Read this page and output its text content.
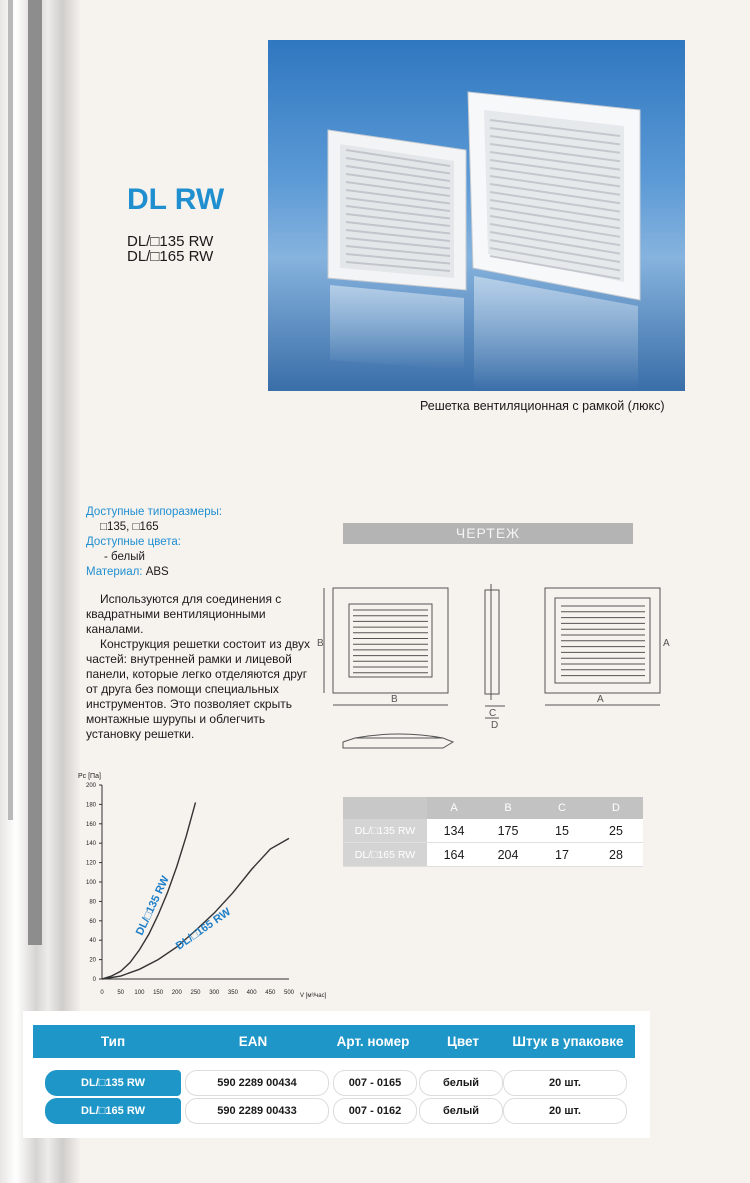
DL RW
DL/□135 RW
DL/□165 RW
Решетка вентиляционная с рамкой (люкс)
Доступные типоразмеры:
□135, □165
Доступные цвета:
- белый
Материал: ABS

Используются для соединения с квадратными вентиляционными каналами.

Конструкция решетки состоит из двух частей: внутренней рамки и лицевой панели, которые легко отделяются друг от друга без помощи специальных инструментов. Это позволяет скрыть монтажные шурупы и облегчить установку решетки.

ЧЕРТЕЖ
B
B
C
D
A
A
	A	B	C	D
DL/□135 RW	134	175	15	25
DL/□165 RW	164	204	17	28
Pc [Па]
V [м³/час]
0
20
40
60
80
100
120
140
160
180
200
0 50 100 150 200 250 300 350 400 450 500
DL/□135 RW DL/□165 RW
Тип	EAN	Арт. номер	Цвет	Штук в упаковке
DL/□135 RW	590 2289 00434	007 - 0165	белый	20 шт.
DL/□165 RW	590 2289 00433	007 - 0162	белый	20 шт.
